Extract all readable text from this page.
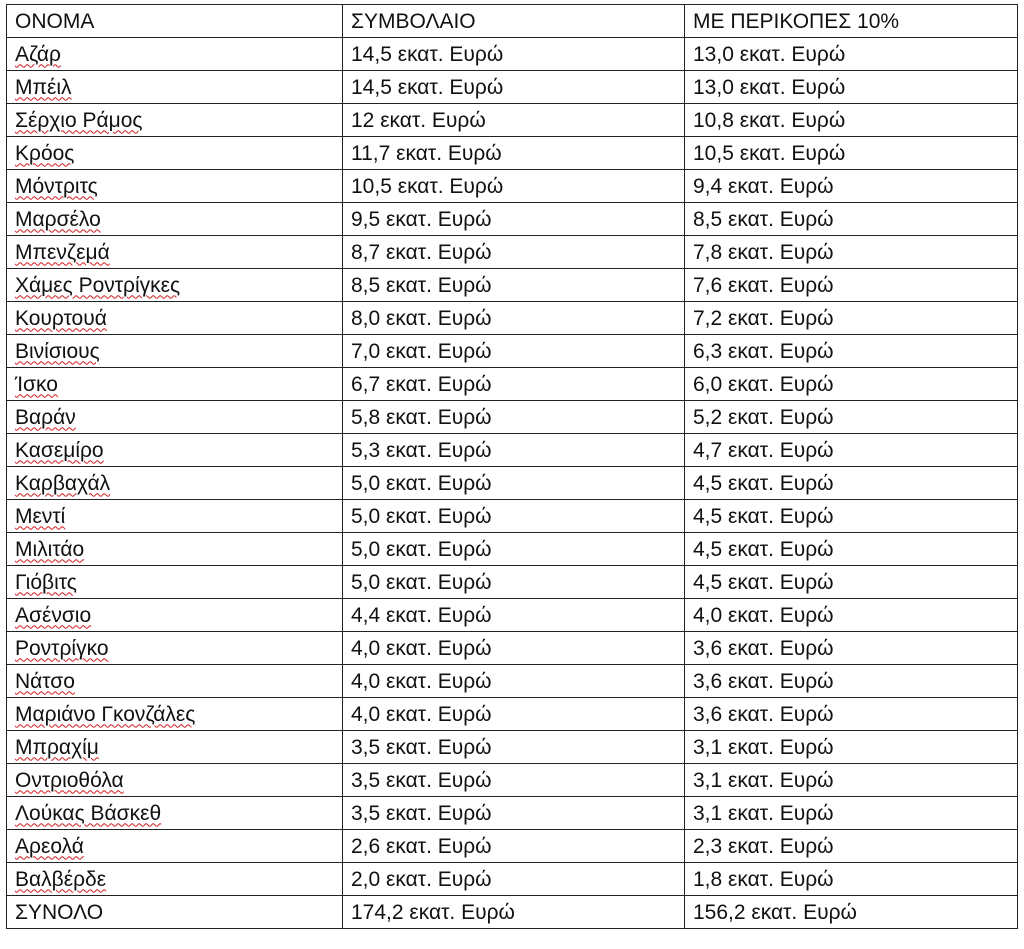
ΟΝΟΜΑ	ΣΥΜΒΟΛΑΙΟ	ΜΕ ΠΕΡΙΚΟΠΕΣ 10%
Αζάρ	14,5 εκατ. Ευρώ	13,0 εκατ. Ευρώ
Μπέιλ	14,5 εκατ. Ευρώ	13,0 εκατ. Ευρώ
Σέρχιο Ράμος	12 εκατ. Ευρώ	10,8 εκατ. Ευρώ
Κρόος	11,7 εκατ. Ευρώ	10,5 εκατ. Ευρώ
Μόντριτς	10,5 εκατ. Ευρώ	9,4 εκατ. Ευρώ
Μαρσέλο	9,5 εκατ. Ευρώ	8,5 εκατ. Ευρώ
Μπενζεμά	8,7 εκατ. Ευρώ	7,8 εκατ. Ευρώ
Χάμες Ροντρίγκες	8,5 εκατ. Ευρώ	7,6 εκατ. Ευρώ
Κουρτουά	8,0 εκατ. Ευρώ	7,2 εκατ. Ευρώ
Βινίσιους	7,0 εκατ. Ευρώ	6,3 εκατ. Ευρώ
Ίσκο	6,7 εκατ. Ευρώ	6,0 εκατ. Ευρώ
Βαράν	5,8 εκατ. Ευρώ	5,2 εκατ. Ευρώ
Κασεμίρο	5,3 εκατ. Ευρώ	4,7 εκατ. Ευρώ
Καρβαχάλ	5,0 εκατ. Ευρώ	4,5 εκατ. Ευρώ
Μεντί	5,0 εκατ. Ευρώ	4,5 εκατ. Ευρώ
Μιλιτάο	5,0 εκατ. Ευρώ	4,5 εκατ. Ευρώ
Γιόβιτς	5,0 εκατ. Ευρώ	4,5 εκατ. Ευρώ
Ασένσιο	4,4 εκατ. Ευρώ	4,0 εκατ. Ευρώ
Ροντρίγκο	4,0 εκατ. Ευρώ	3,6 εκατ. Ευρώ
Νάτσο	4,0 εκατ. Ευρώ	3,6 εκατ. Ευρώ
Μαριάνο Γκονζάλες	4,0 εκατ. Ευρώ	3,6 εκατ. Ευρώ
Μπραχίμ	3,5 εκατ. Ευρώ	3,1 εκατ. Ευρώ
Οντριοθόλα	3,5 εκατ. Ευρώ	3,1 εκατ. Ευρώ
Λούκας Βάσκεθ	3,5 εκατ. Ευρώ	3,1 εκατ. Ευρώ
Αρεολά	2,6 εκατ. Ευρώ	2,3 εκατ. Ευρώ
Βαλβέρδε	2,0 εκατ. Ευρώ	1,8 εκατ. Ευρώ
ΣΥΝΟΛΟ	174,2 εκατ. Ευρώ	156,2 εκατ. Ευρώ
